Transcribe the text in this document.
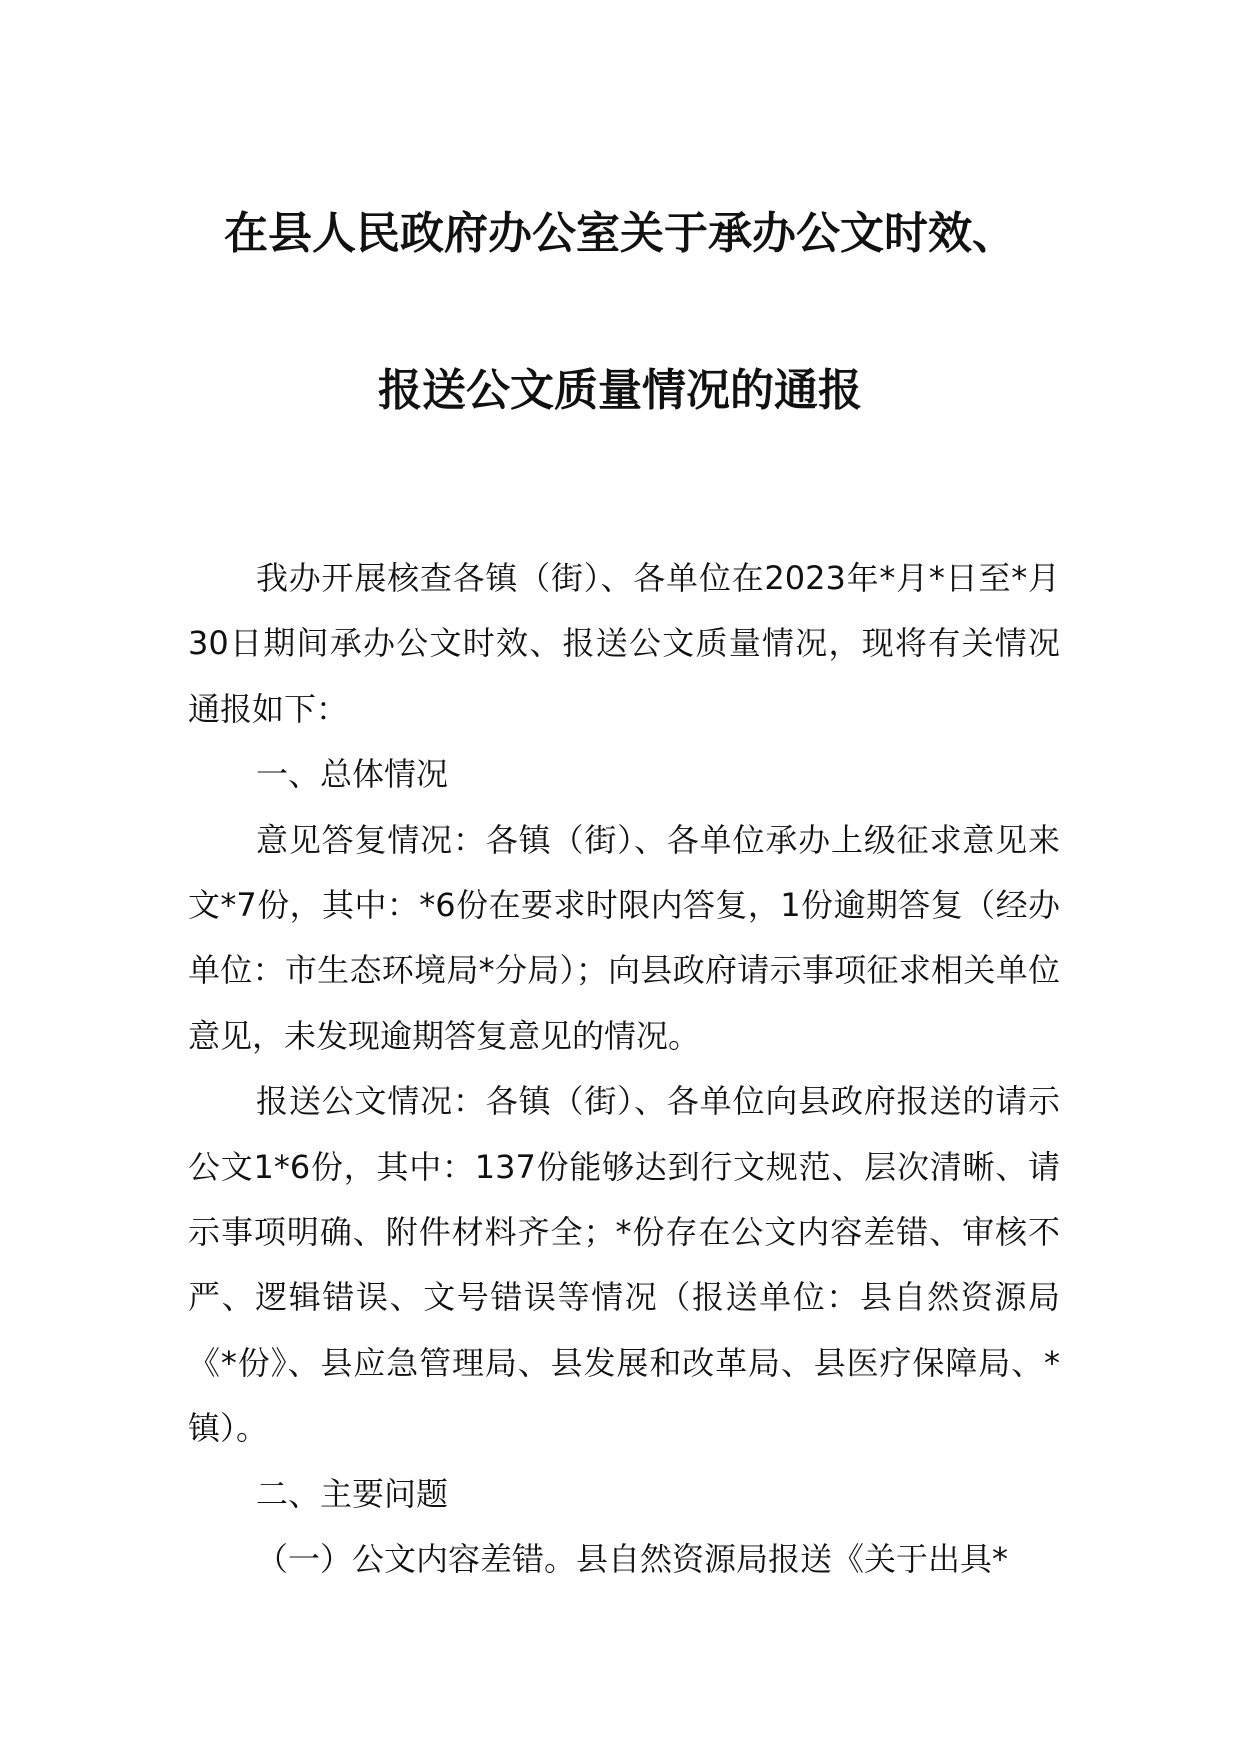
在县人民政府办公室关于承办公文时效、
报送公文质量情况的通报

我办开展核查各镇（街）、各单位在2023年*月*日至*月30日期间承办公文时效、报送公文质量情况，现将有关情况通报如下：

一、总体情况

意见答复情况：各镇（街）、各单位承办上级征求意见来文*7份，其中：*6份在要求时限内答复，1份逾期答复（经办单位：市生态环境局*分局）；向县政府请示事项征求相关单位意见，未发现逾期答复意见的情况。

报送公文情况：各镇（街）、各单位向县政府报送的请示公文1*6份，其中：137份能够达到行文规范、层次清晰、请示事项明确、附件材料齐全；*份存在公文内容差错、审核不严、逻辑错误、文号错误等情况（报送单位：县自然资源局《*份》、县应急管理局、县发展和改革局、县医疗保障局、*镇）。

二、主要问题

（一）公文内容差错。县自然资源局报送《关于出具*
